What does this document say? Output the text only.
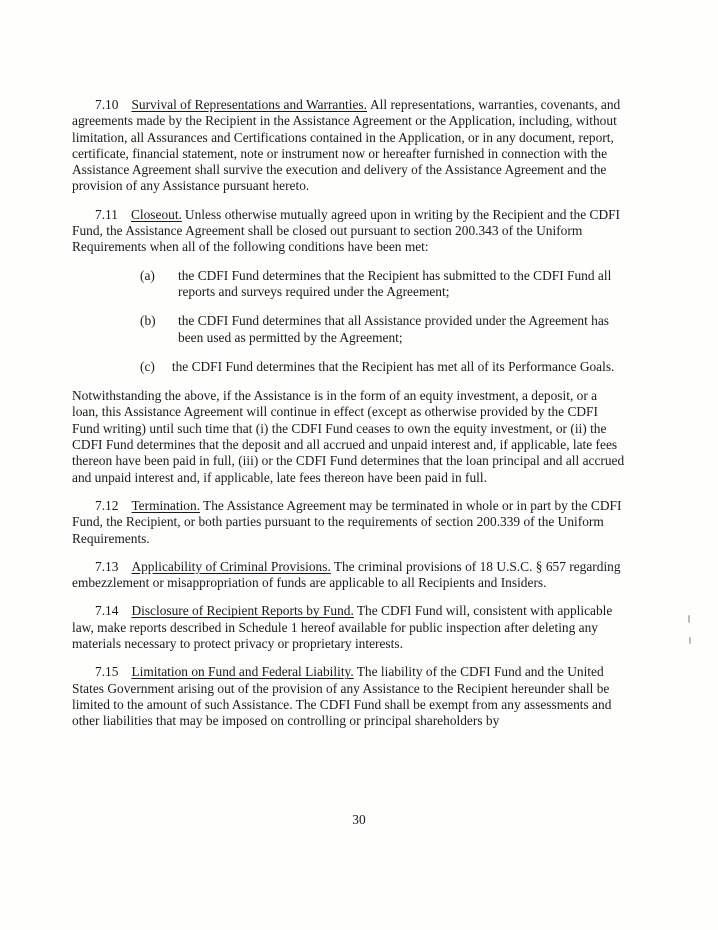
7.10 Survival of Representations and Warranties. All representations, warranties, covenants, and agreements made by the Recipient in the Assistance Agreement or the Application, including, without limitation, all Assurances and Certifications contained in the Application, or in any document, report, certificate, financial statement, note or instrument now or hereafter furnished in connection with the Assistance Agreement shall survive the execution and delivery of the Assistance Agreement and the provision of any Assistance pursuant hereto.

7.11 Closeout. Unless otherwise mutually agreed upon in writing by the Recipient and the CDFI Fund, the Assistance Agreement shall be closed out pursuant to section 200.343 of the Uniform Requirements when all of the following conditions have been met:

(a)	the CDFI Fund determines that the Recipient has submitted to the CDFI Fund all reports and surveys required under the Agreement;
(b)	the CDFI Fund determines that all Assistance provided under the Agreement has been used as permitted by the Agreement;
(c) the CDFI Fund determines that the Recipient has met all of its Performance Goals.

Notwithstanding the above, if the Assistance is in the form of an equity investment, a deposit, or a loan, this Assistance Agreement will continue in effect (except as otherwise provided by the CDFI Fund writing) until such time that (i) the CDFI Fund ceases to own the equity investment, or (ii) the CDFI Fund determines that the deposit and all accrued and unpaid interest and, if applicable, late fees thereon have been paid in full, (iii) or the CDFI Fund determines that the loan principal and all accrued and unpaid interest and, if applicable, late fees thereon have been paid in full.

7.12 Termination. The Assistance Agreement may be terminated in whole or in part by the CDFI Fund, the Recipient, or both parties pursuant to the requirements of section 200.339 of the Uniform Requirements.

7.13 Applicability of Criminal Provisions. The criminal provisions of 18 U.S.C. § 657 regarding embezzlement or misappropriation of funds are applicable to all Recipients and Insiders.

7.14 Disclosure of Recipient Reports by Fund. The CDFI Fund will, consistent with applicable law, make reports described in Schedule 1 hereof available for public inspection after deleting any materials necessary to protect privacy or proprietary interests.

7.15 Limitation on Fund and Federal Liability. The liability of the CDFI Fund and the United States Government arising out of the provision of any Assistance to the Recipient hereunder shall be limited to the amount of such Assistance. The CDFI Fund shall be exempt from any assessments and other liabilities that may be imposed on controlling or principal shareholders by

30
